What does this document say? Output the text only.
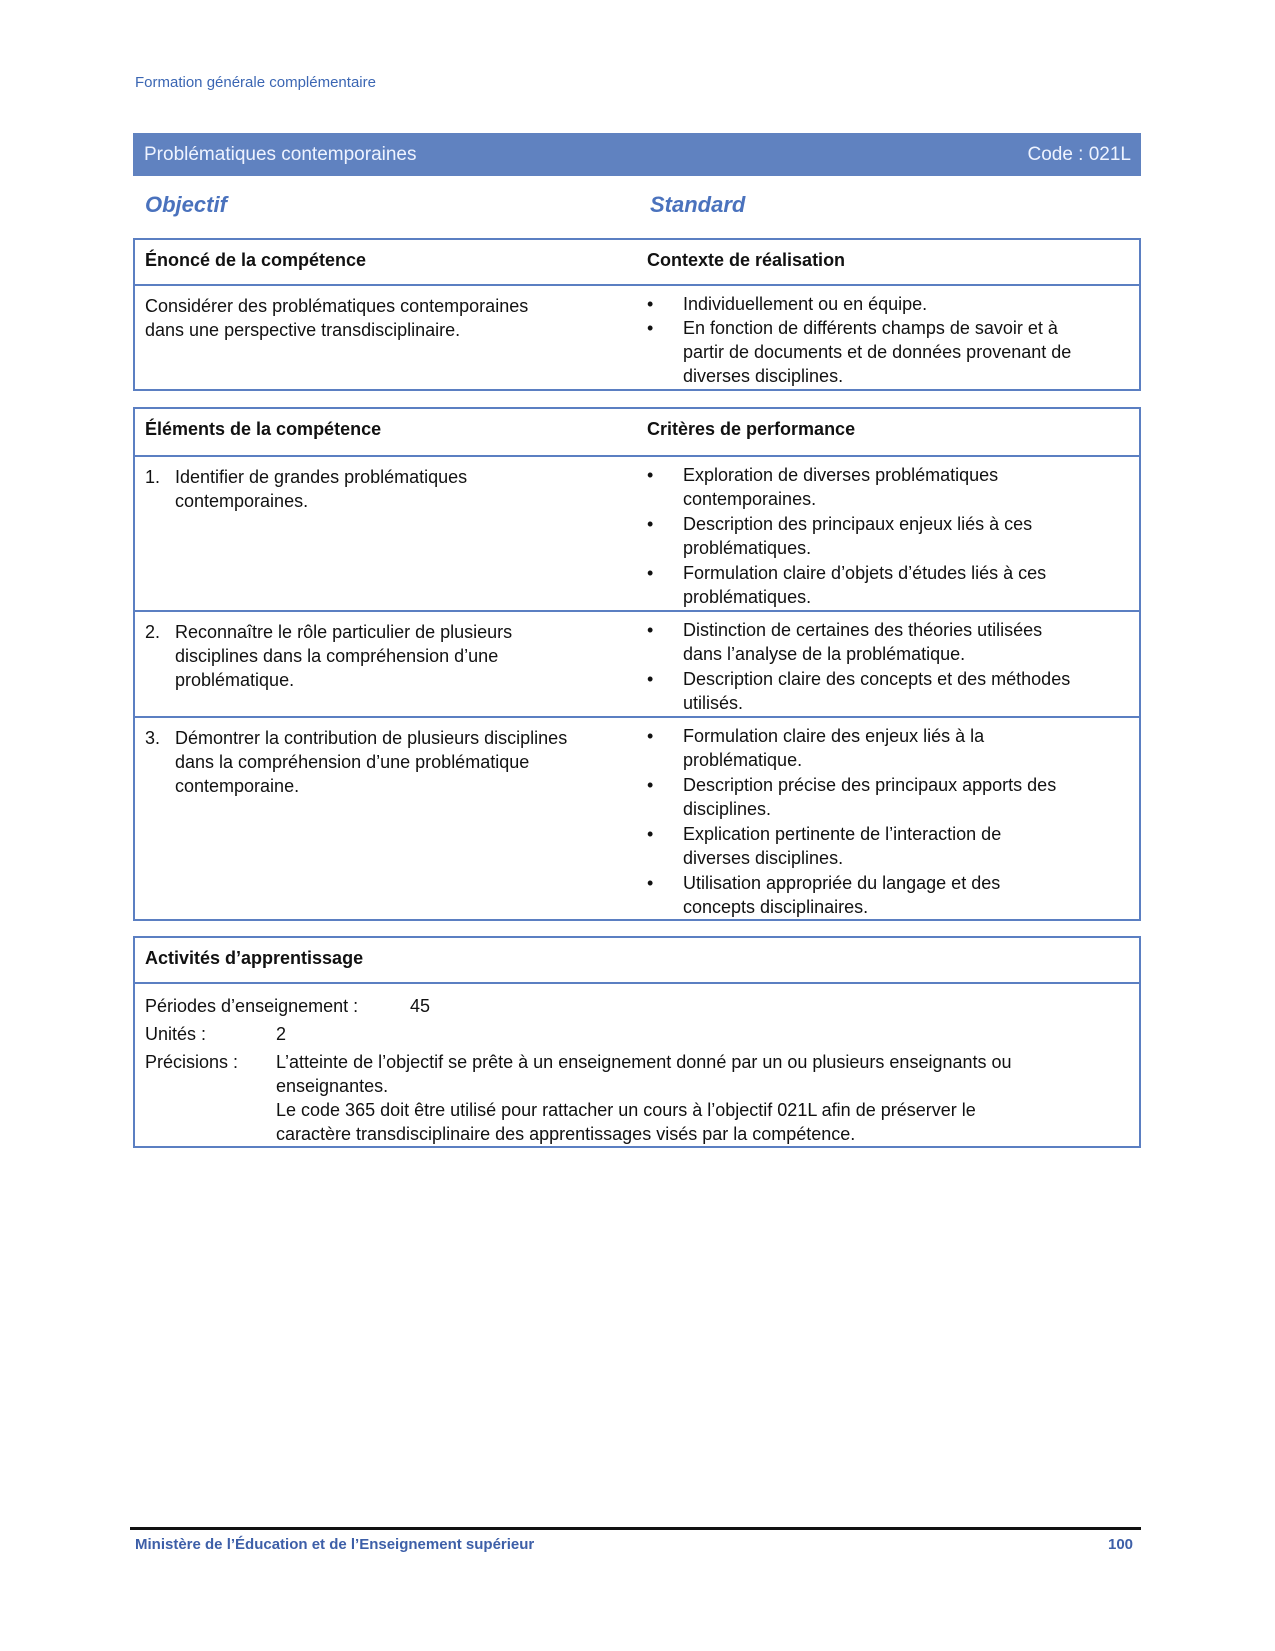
Formation générale complémentaire
Problématiques contemporaines	Code : 021L
Objectif	Standard
Énoncé de la compétence	Contexte de réalisation
Considérer des problématiques contemporaines
dans une perspective transdisciplinaire.
•	Individuellement ou en équipe.
•	En fonction de différents champs de savoir et à
partir de documents et de données provenant de
diverses disciplines.
Éléments de la compétence	Critères de performance
1. Identifier de grandes problématiques
contemporaines.
•	Exploration de diverses problématiques
contemporaines.
•	Description des principaux enjeux liés à ces
problématiques.
•	Formulation claire d’objets d’études liés à ces
problématiques.
2. Reconnaître le rôle particulier de plusieurs
disciplines dans la compréhension d’une
problématique.
•	Distinction de certaines des théories utilisées
dans l’analyse de la problématique.
•	Description claire des concepts et des méthodes
utilisés.
3. Démontrer la contribution de plusieurs disciplines
dans la compréhension d’une problématique
contemporaine.
•	Formulation claire des enjeux liés à la
problématique.
•	Description précise des principaux apports des
disciplines.
•	Explication pertinente de l’interaction de
diverses disciplines.
•	Utilisation appropriée du langage et des
concepts disciplinaires.
Activités d’apprentissage
Périodes d’enseignement :	45
Unités :	2
Précisions : L’atteinte de l’objectif se prête à un enseignement donné par un ou plusieurs enseignants ou
enseignantes.
Le code 365 doit être utilisé pour rattacher un cours à l’objectif 021L afin de préserver le
caractère transdisciplinaire des apprentissages visés par la compétence.
Ministère de l’Éducation et de l’Enseignement supérieur	100
